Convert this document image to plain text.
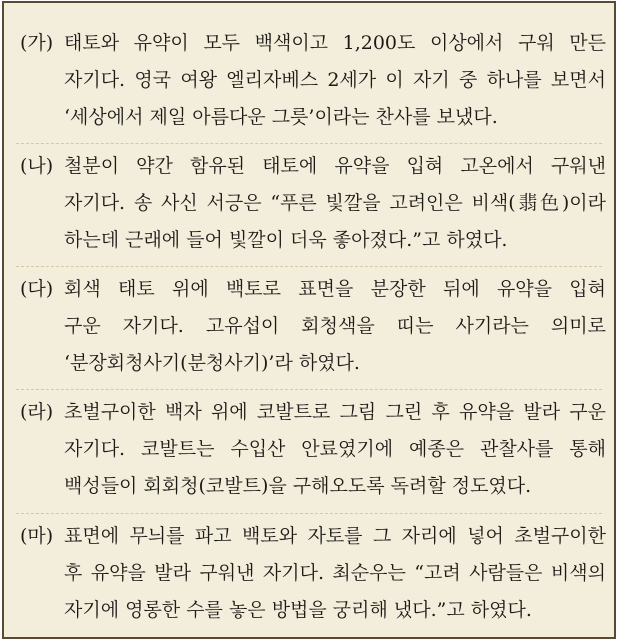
(가) 태토와 유약이 모두 백색이고 1,200도 이상에서 구워 만든
자기다. 영국 여왕 엘리자베스 2세가 이 자기 중 하나를 보면서
‘세상에서 제일 아름다운 그릇’이라는 찬사를 보냈다.
(나) 철분이 약간 함유된 태토에 유약을 입혀 고온에서 구워낸
자기다. 송 사신 서긍은 “푸른 빛깔을 고려인은 비색(翡色)이라
하는데 근래에 들어 빛깔이 더욱 좋아졌다.”고 하였다.
(다) 회색 태토 위에 백토로 표면을 분장한 뒤에 유약을 입혀
구운 자기다. 고유섭이 회청색을 띠는 사기라는 의미로
‘분장회청사기(분청사기)’라 하였다.
(라) 초벌구이한 백자 위에 코발트로 그림 그린 후 유약을 발라 구운
자기다. 코발트는 수입산 안료였기에 예종은 관찰사를 통해
백성들이 회회청(코발트)을 구해오도록 독려할 정도였다.
(마) 표면에 무늬를 파고 백토와 자토를 그 자리에 넣어 초벌구이한
후 유약을 발라 구워낸 자기다. 최순우는 “고려 사람들은 비색의
자기에 영롱한 수를 놓은 방법을 궁리해 냈다.”고 하였다.
